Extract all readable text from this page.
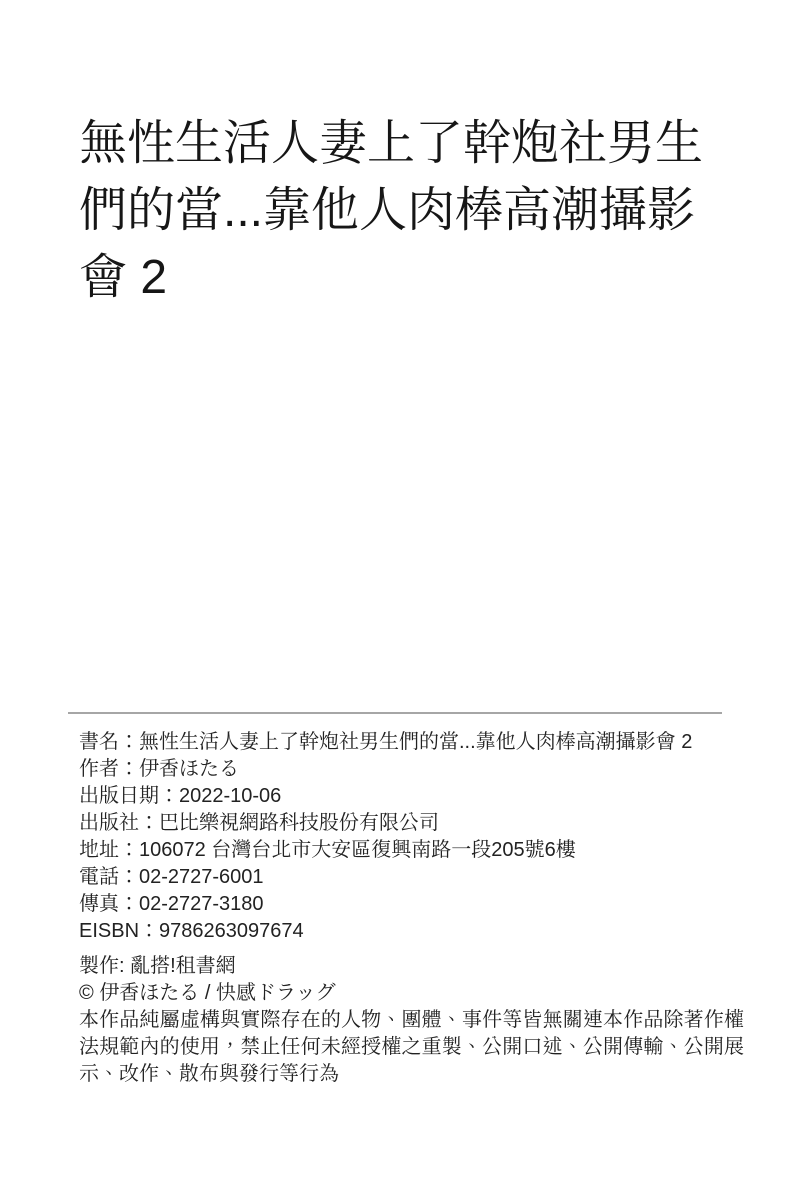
無性生活人妻上了幹炮社男生
們的當...靠他人肉棒高潮攝影
會 2

書名：無性生活人妻上了幹炮社男生們的當...靠他人肉棒高潮攝影會 2

作者：伊香ほたる

出版日期：2022-10-06

出版社：巴比樂視網路科技股份有限公司

地址：106072 台灣台北市大安區復興南路一段205號6樓

電話：02-2727-6001

傳真：02-2727-3180

EISBN：9786263097674

製作: 亂搭!租書網

© 伊香ほたる / 快感ドラッグ

本作品純屬虛構與實際存在的人物、團體、事件等皆無關連本作品除著作權法規範內的使用，禁止任何未經授權之重製、公開口述、公開傳輸、公開展示、改作、散布與發行等行為
